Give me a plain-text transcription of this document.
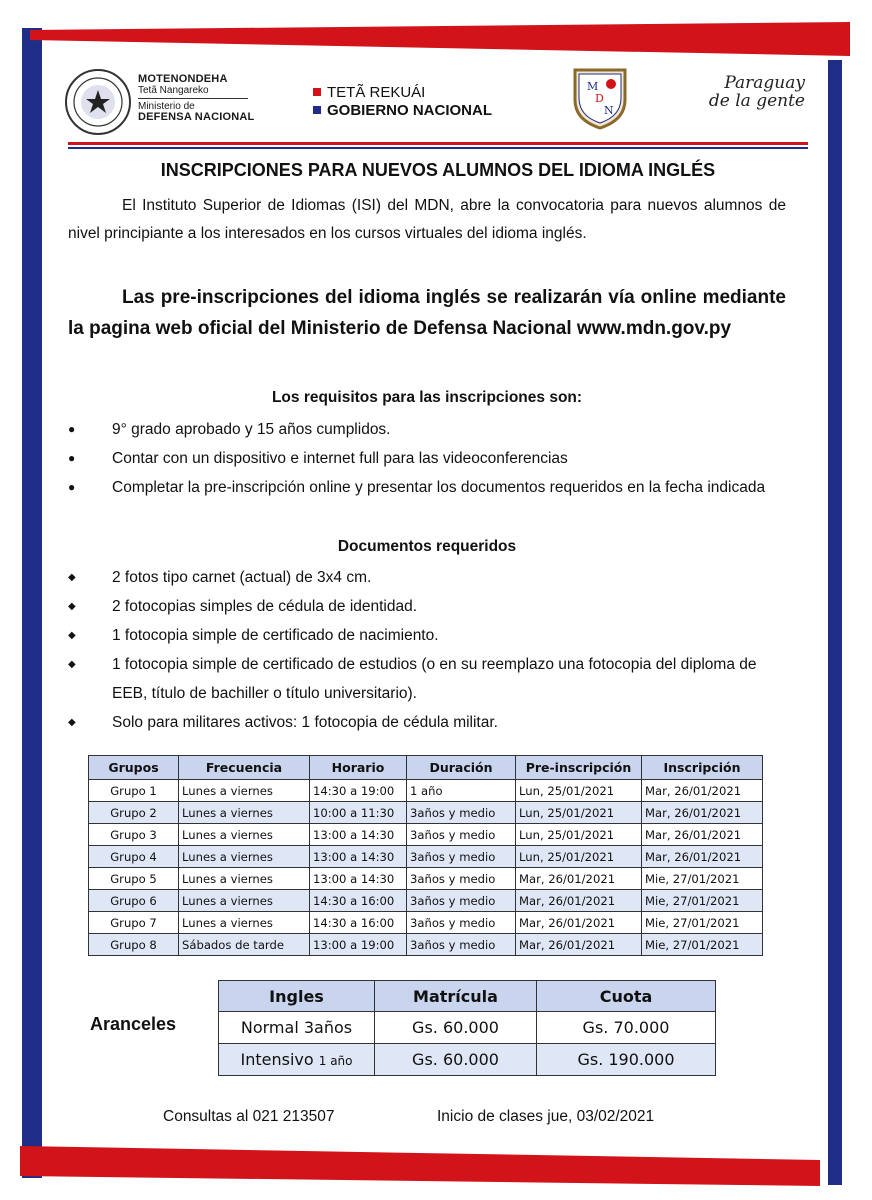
MOTENONDEHA
Tetã Nangareko
Ministerio de
DEFENSA NACIONAL
TETÃ REKUÁI
GOBIERNO NACIONAL
M
D
N
Paraguay
de la gente
INSCRIPCIONES PARA NUEVOS ALUMNOS DEL IDIOMA INGLÉS
El Instituto Superior de Idiomas (ISI) del MDN, abre la convocatoria para nuevos alumnos de nivel principiante a los interesados en los cursos virtuales del idioma inglés.
Las pre-inscripciones del idioma inglés se realizarán vía online mediante la pagina web oficial del Ministerio de Defensa Nacional www.mdn.gov.py
Los requisitos para las inscripciones son:
● 9° grado aprobado y 15 años cumplidos.
● Contar con un dispositivo e internet full para las videoconferencias
● Completar la pre-inscripción online y presentar los documentos requeridos en la fecha indicada
Documentos requeridos
◆ 2 fotos tipo carnet (actual) de 3x4 cm.
◆ 2 fotocopias simples de cédula de identidad.
◆ 1 fotocopia simple de certificado de nacimiento.
◆ 1 fotocopia simple de certificado de estudios (o en su reemplazo una fotocopia del diploma de EEB, título de bachiller o título universitario).
◆ Solo para militares activos: 1 fotocopia de cédula militar.
Grupos	Frecuencia	Horario	Duración	Pre-inscripción	Inscripción
Grupo 1	Lunes a viernes	14:30 a 19:00	1 año	Lun, 25/01/2021	Mar, 26/01/2021
Grupo 2	Lunes a viernes	10:00 a 11:30	3años y medio	Lun, 25/01/2021	Mar, 26/01/2021
Grupo 3	Lunes a viernes	13:00 a 14:30	3años y medio	Lun, 25/01/2021	Mar, 26/01/2021
Grupo 4	Lunes a viernes	13:00 a 14:30	3años y medio	Lun, 25/01/2021	Mar, 26/01/2021
Grupo 5	Lunes a viernes	13:00 a 14:30	3años y medio	Mar, 26/01/2021	Mie, 27/01/2021
Grupo 6	Lunes a viernes	14:30 a 16:00	3años y medio	Mar, 26/01/2021	Mie, 27/01/2021
Grupo 7	Lunes a viernes	14:30 a 16:00	3años y medio	Mar, 26/01/2021	Mie, 27/01/2021
Grupo 8	Sábados de tarde	13:00 a 19:00	3años y medio	Mar, 26/01/2021	Mie, 27/01/2021
Aranceles
Ingles	Matrícula	Cuota
Normal 3años	Gs. 60.000	Gs. 70.000
Intensivo 1 año	Gs. 60.000	Gs. 190.000
Consultas al 021 213507	Inicio de clases jue, 03/02/2021
